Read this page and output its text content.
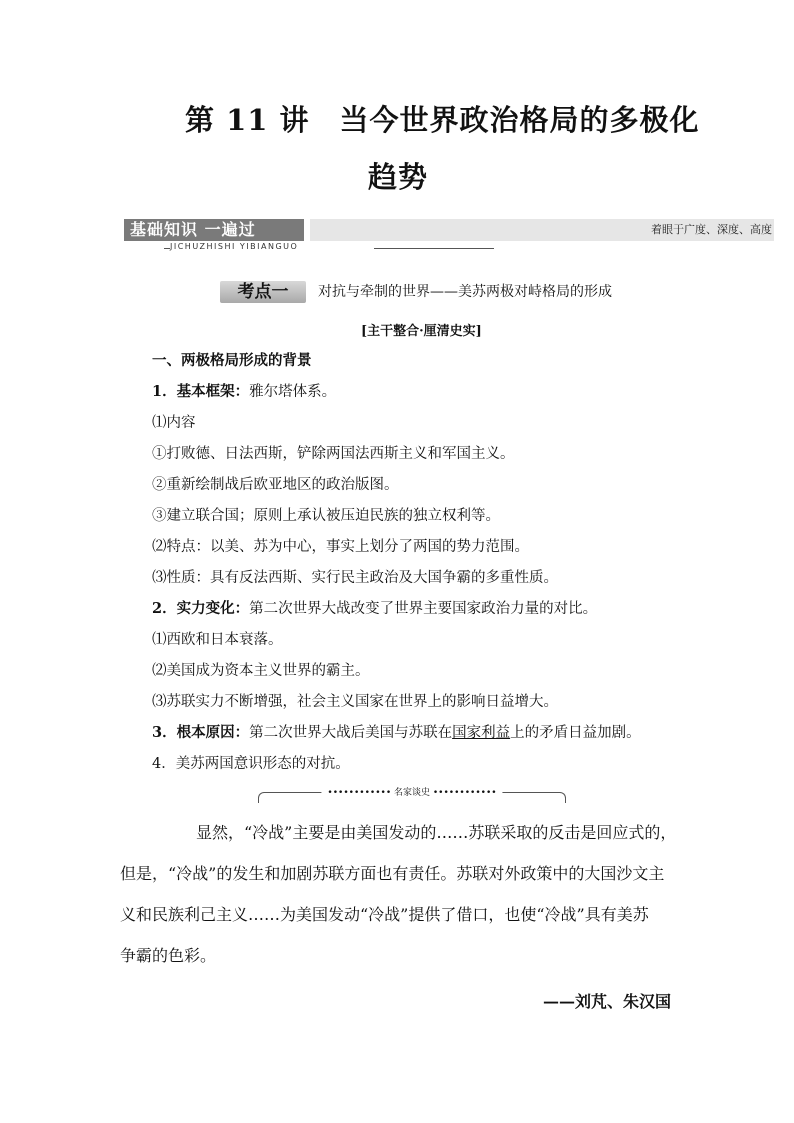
第 11 讲　当今世界政治格局的多极化
趋势
基础知识 一遍过	着眼于广度、深度、高度
JICHUZHISHI YIBIANGUO
考点一	对抗与牵制的世界——美苏两极对峙格局的形成
[主干整合·厘清史实]
一、两极格局形成的背景
1．基本框架：雅尔塔体系。
⑴内容
①打败德、日法西斯，铲除两国法西斯主义和军国主义。
②重新绘制战后欧亚地区的政治版图。
③建立联合国；原则上承认被压迫民族的独立权利等。
⑵特点：以美、苏为中心，事实上划分了两国的势力范围。
⑶性质：具有反法西斯、实行民主政治及大国争霸的多重性质。
2．实力变化：第二次世界大战改变了世界主要国家政治力量的对比。
⑴西欧和日本衰落。
⑵美国成为资本主义世界的霸主。
⑶苏联实力不断增强，社会主义国家在世界上的影响日益增大。
3．根本原因：第二次世界大战后美国与苏联在国家利益上的矛盾日益加剧。
4．美苏两国意识形态的对抗。
•••••••••••• 名家谈史 ••••••••••••
显然，“冷战”主要是由美国发动的……苏联采取的反击是回应式的，
但是，“冷战”的发生和加剧苏联方面也有责任。苏联对外政策中的大国沙文主
义和民族利己主义……为美国发动“冷战”提供了借口，也使“冷战”具有美苏
争霸的色彩。
——刘芃、朱汉国
